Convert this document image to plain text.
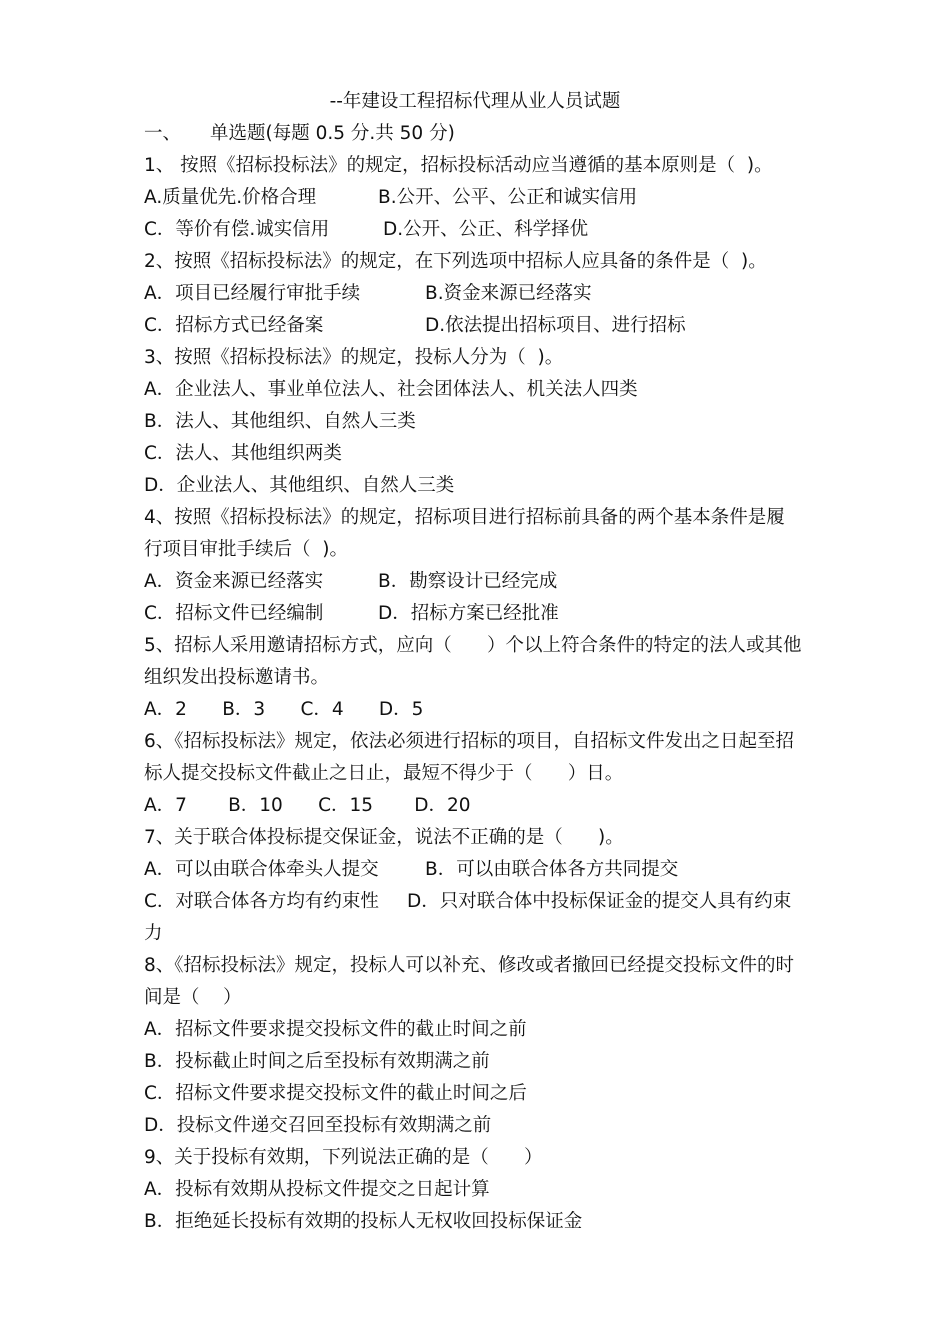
--年建设工程招标代理从业人员试题
一、 单选题(每题 0.5 分.共 50 分)
1、 按照《招标投标法》的规定，招标投标活动应当遵循的基本原则是（  )。
A.质量优先.价格合理	B.公开、公平、公正和诚实信用
C．等价有偿.诚实信用	D.公开、公正、科学择优
2、按照《招标投标法》的规定，在下列选项中招标人应具备的条件是（  )。
A．项目已经履行审批手续	B.资金来源已经落实
C．招标方式已经备案	D.依法提出招标项目、进行招标
3、按照《招标投标法》的规定，投标人分为（  )。
A．企业法人、事业单位法人、社会团体法人、机关法人四类
B．法人、其他组织、自然人三类
C．法人、其他组织两类
D．企业法人、其他组织、自然人三类
4、按照《招标投标法》的规定，招标项目进行招标前具备的两个基本条件是履
行项目审批手续后（  )。
A．资金来源已经落实	B．勘察设计已经完成
C．招标文件已经编制	D．招标方案已经批准
5、招标人采用邀请招标方式，应向（      ）个以上符合条件的特定的法人或其他
组织发出投标邀请书。
A．2      B．3      C．4      D．5
6、《招标投标法》规定，依法必须进行招标的项目，自招标文件发出之日起至招
标人提交投标文件截止之日止，最短不得少于（      ）日。
A．7       B．10      C．15       D．20
7、关于联合体投标提交保证金，说法不正确的是（      )。
A．可以由联合体牵头人提交	B．可以由联合体各方共同提交
C．对联合体各方均有约束性 D．只对联合体中投标保证金的提交人具有约束
力
8、《招标投标法》规定，投标人可以补充、修改或者撤回已经提交投标文件的时
间是（    ）
A．招标文件要求提交投标文件的截止时间之前
B．投标截止时间之后至投标有效期满之前
C．招标文件要求提交投标文件的截止时间之后
D．投标文件递交召回至投标有效期满之前
9、关于投标有效期，下列说法正确的是（      ）
A．投标有效期从投标文件提交之日起计算
B．拒绝延长投标有效期的投标人无权收回投标保证金
